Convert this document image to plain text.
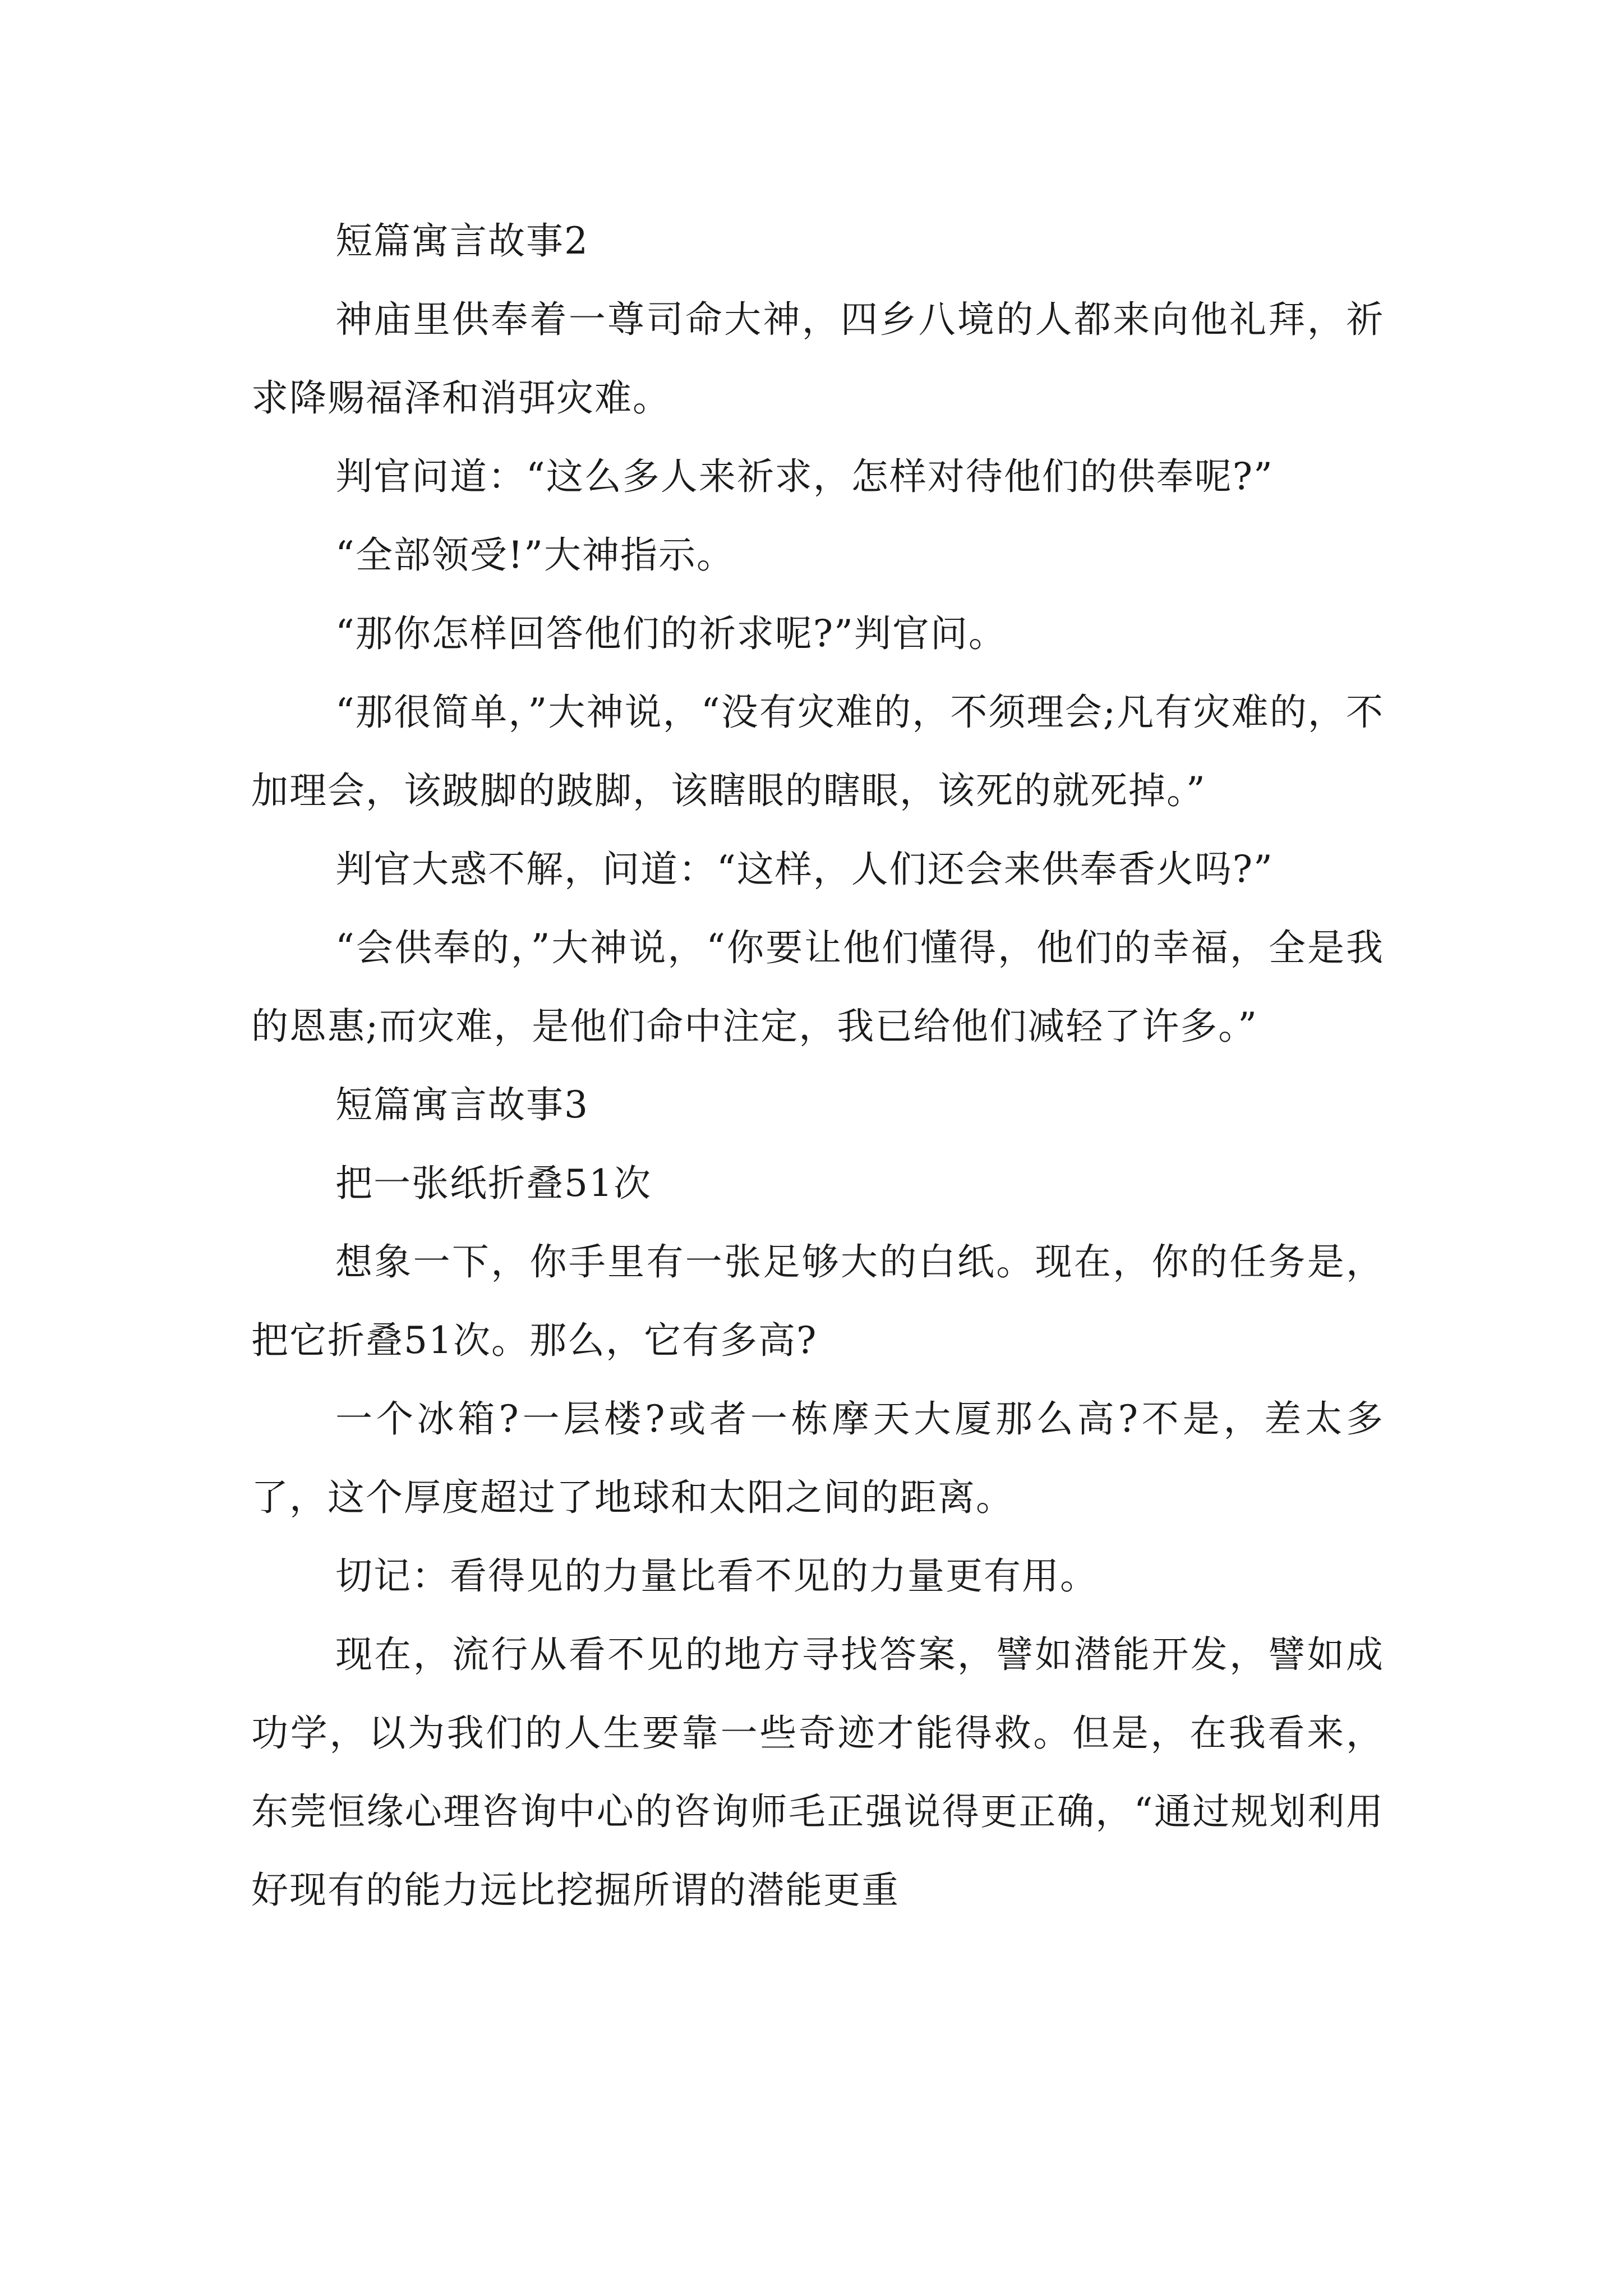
短篇寓言故事2

神庙里供奉着一尊司命大神，四乡八境的人都来向他礼拜，祈求降赐福泽和消弭灾难。

判官问道：“这么多人来祈求，怎样对待他们的供奉呢?”

“全部领受!”大神指示。

“那你怎样回答他们的祈求呢?”判官问。

“那很简单，”大神说，“没有灾难的，不须理会;凡有灾难的，不加理会，该跛脚的跛脚，该瞎眼的瞎眼，该死的就死掉。”

判官大惑不解，问道：“这样，人们还会来供奉香火吗?”

“会供奉的，”大神说，“你要让他们懂得，他们的幸福，全是我的恩惠;而灾难，是他们命中注定，我已给他们减轻了许多。”

短篇寓言故事3

把一张纸折叠51次

想象一下，你手里有一张足够大的白纸。现在，你的任务是，把它折叠51次。那么，它有多高?

一个冰箱?一层楼?或者一栋摩天大厦那么高?不是，差太多了，这个厚度超过了地球和太阳之间的距离。

切记：看得见的力量比看不见的力量更有用。

现在，流行从看不见的地方寻找答案，譬如潜能开发，譬如成功学，以为我们的人生要靠一些奇迹才能得救。但是，在我看来，东莞恒缘心理咨询中心的咨询师毛正强说得更正确，“通过规划利用好现有的能力远比挖掘所谓的潜能更重
